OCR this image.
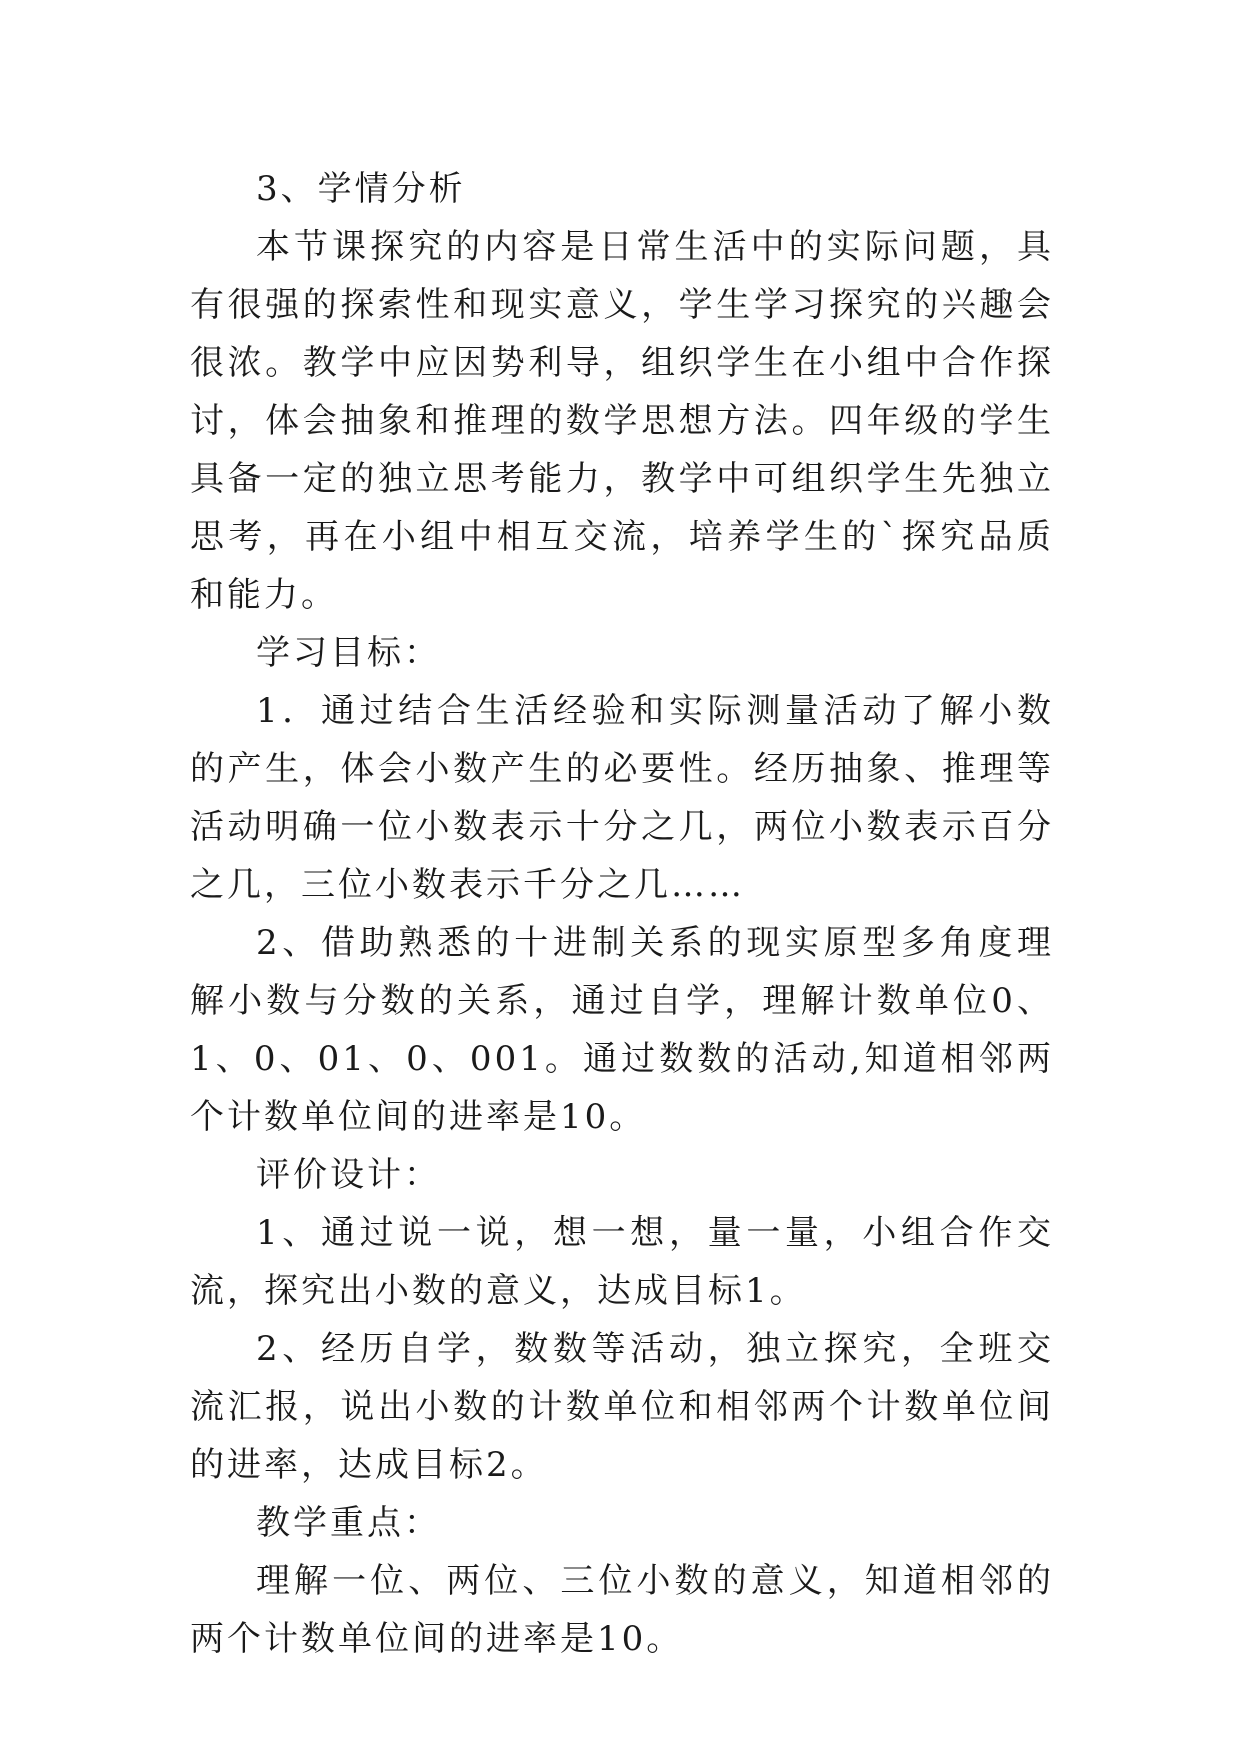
3、学情分析

本节课探究的内容是日常生活中的实际问题，具有很强的探索性和现实意义，学生学习探究的兴趣会很浓。教学中应因势利导，组织学生在小组中合作探讨，体会抽象和推理的数学思想方法。四年级的学生具备一定的独立思考能力，教学中可组织学生先独立思考，再在小组中相互交流，培养学生的`探究品质和能力。

学习目标：

1．通过结合生活经验和实际测量活动了解小数的产生，体会小数产生的必要性。经历抽象、推理等活动明确一位小数表示十分之几，两位小数表示百分之几，三位小数表示千分之几……

2、借助熟悉的十进制关系的现实原型多角度理解小数与分数的关系，通过自学，理解计数单位0、1、0、01、0、001。通过数数的活动,知道相邻两个计数单位间的进率是10。

评价设计：

1、通过说一说，想一想，量一量，小组合作交流，探究出小数的意义，达成目标1。

2、经历自学，数数等活动，独立探究，全班交流汇报，说出小数的计数单位和相邻两个计数单位间的进率，达成目标2。

教学重点：

理解一位、两位、三位小数的意义，知道相邻的两个计数单位间的进率是10。
